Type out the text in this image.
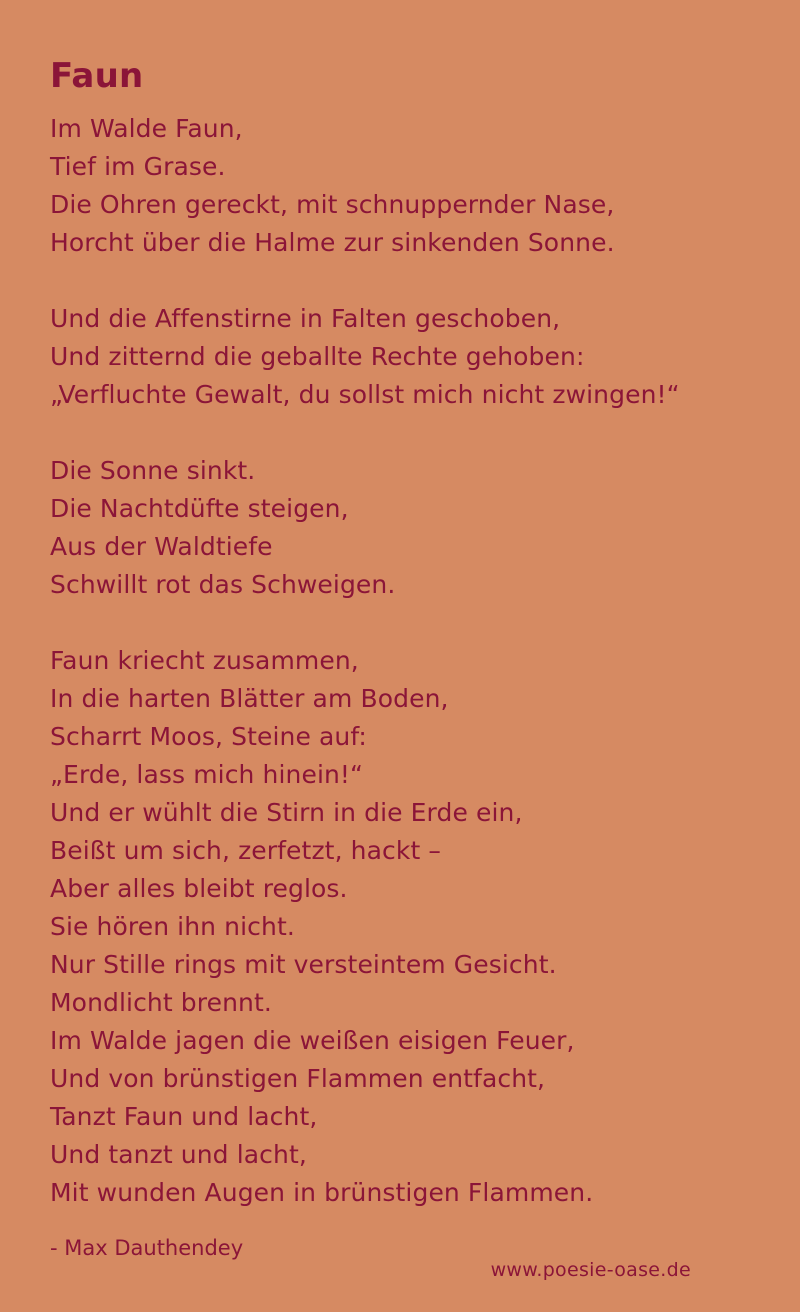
Faun
Im Walde Faun,
Tief im Grase.
Die Ohren gereckt, mit schnuppernder Nase,
Horcht über die Halme zur sinkenden Sonne.
Und die Affenstirne in Falten geschoben,
Und zitternd die geballte Rechte gehoben:
„Verfluchte Gewalt, du sollst mich nicht zwingen!“
Die Sonne sinkt.
Die Nachtdüfte steigen,
Aus der Waldtiefe
Schwillt rot das Schweigen.
Faun kriecht zusammen,
In die harten Blätter am Boden,
Scharrt Moos, Steine auf:
„Erde, lass mich hinein!“
Und er wühlt die Stirn in die Erde ein,
Beißt um sich, zerfetzt, hackt –
Aber alles bleibt reglos.
Sie hören ihn nicht.
Nur Stille rings mit versteintem Gesicht.
Mondlicht brennt.
Im Walde jagen die weißen eisigen Feuer,
Und von brünstigen Flammen entfacht,
Tanzt Faun und lacht,
Und tanzt und lacht,
Mit wunden Augen in brünstigen Flammen.
- Max Dauthendey
www.poesie-oase.de
